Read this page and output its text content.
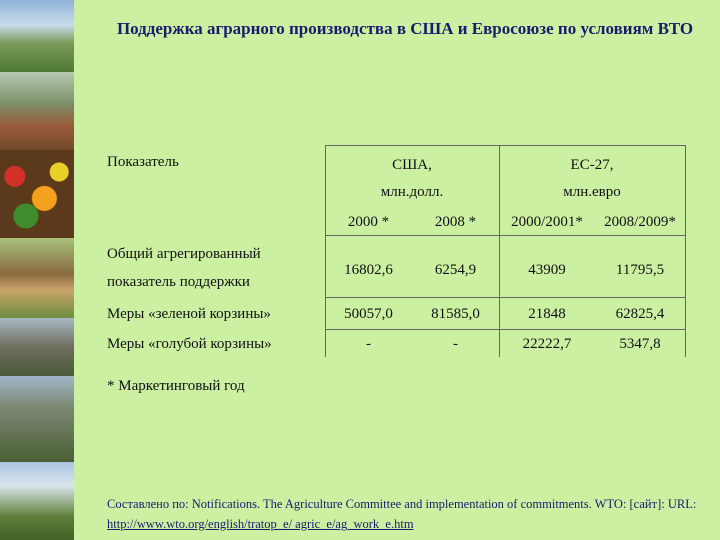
Поддержка аграрного производства в США и Евросоюзе по условиям ВТО
Показатель	США,
млн.долл.
ЕС-27,
млн.евро
2000 *	2008 *	2000/2001*	2008/2009*
Общий агрегированный
показатель поддержки
16802,6	6254,9	43909	11795,5
Меры «зеленой корзины»	50057,0	81585,0	21848	62825,4
Меры «голубой корзины»	-	-	22222,7	5347,8
* Маркетинговый год
Составлено по: Notifications. The Agriculture Committee and implementation of commitments. WTO: [сайт]: URL: http://www.wto.org/english/tratop_e/ agric_e/ag_work_e.htm
